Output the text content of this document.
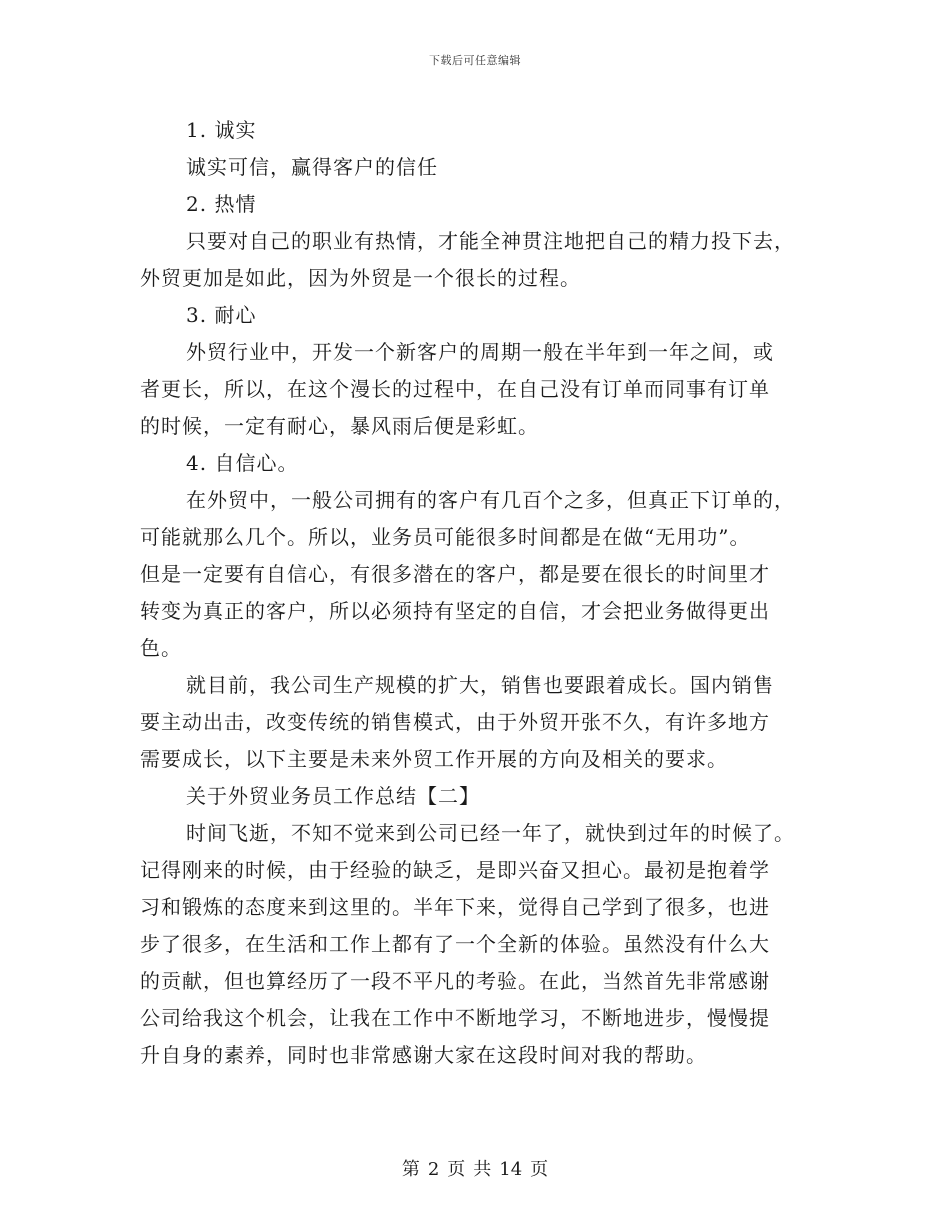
下载后可任意编辑
1. 诚实
诚实可信，赢得客户的信任
2. 热情
只要对自己的职业有热情，才能全神贯注地把自己的精力投下去，
外贸更加是如此，因为外贸是一个很长的过程。
3. 耐心
外贸行业中，开发一个新客户的周期一般在半年到一年之间，或
者更长，所以，在这个漫长的过程中，在自己没有订单而同事有订单
的时候，一定有耐心，暴风雨后便是彩虹。
4. 自信心。
在外贸中，一般公司拥有的客户有几百个之多，但真正下订单的，
可能就那么几个。所以，业务员可能很多时间都是在做“无用功”。
但是一定要有自信心，有很多潜在的客户，都是要在很长的时间里才
转变为真正的客户，所以必须持有坚定的自信，才会把业务做得更出
色。
就目前，我公司生产规模的扩大，销售也要跟着成长。国内销售
要主动出击，改变传统的销售模式，由于外贸开张不久，有许多地方
需要成长，以下主要是未来外贸工作开展的方向及相关的要求。
关于外贸业务员工作总结【二】
时间飞逝，不知不觉来到公司已经一年了，就快到过年的时候了。
记得刚来的时候，由于经验的缺乏，是即兴奋又担心。最初是抱着学
习和锻炼的态度来到这里的。半年下来，觉得自己学到了很多，也进
步了很多，在生活和工作上都有了一个全新的体验。虽然没有什么大
的贡献，但也算经历了一段不平凡的考验。在此，当然首先非常感谢
公司给我这个机会，让我在工作中不断地学习，不断地进步，慢慢提
升自身的素养，同时也非常感谢大家在这段时间对我的帮助。
第 2 页 共 14 页
